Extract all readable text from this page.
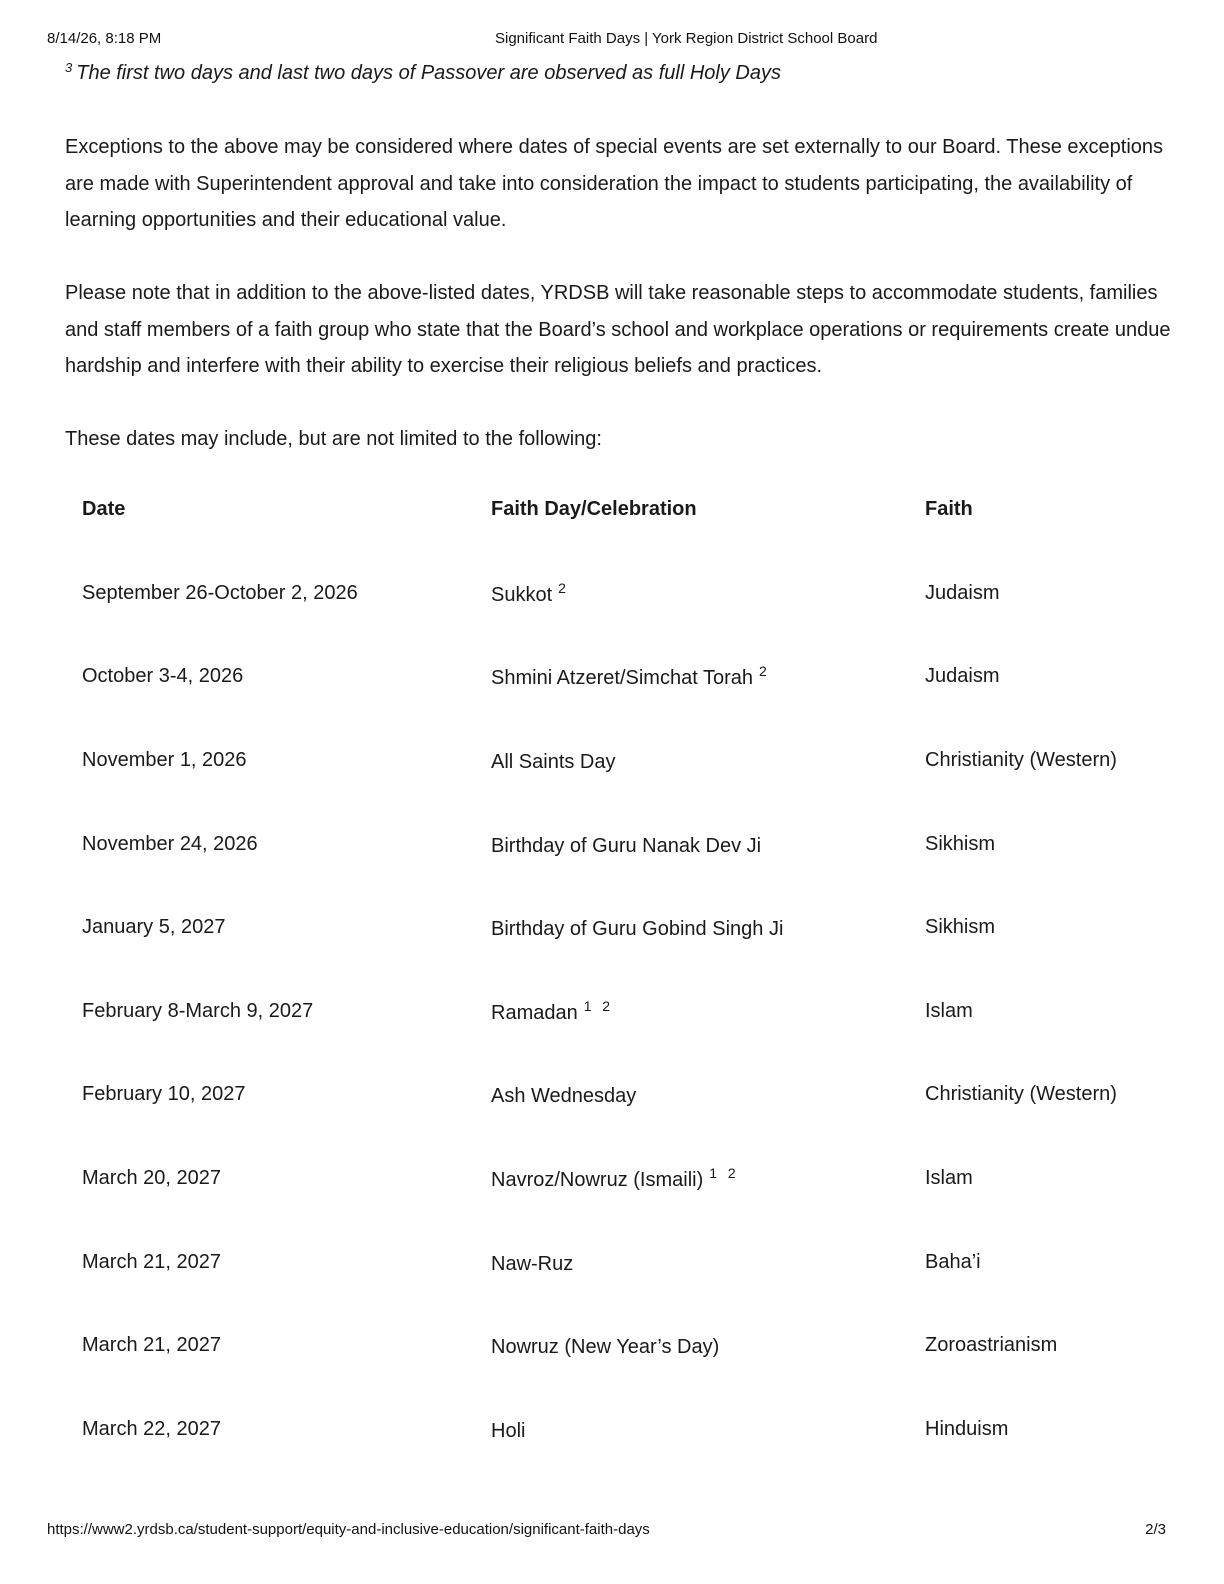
8/14/26, 8:18 PM	Significant Faith Days | York Region District School Board
$^3$ The first two days and last two days of Passover are observed as full Holy Days

Exceptions to the above may be considered where dates of special events are set externally to our Board. These exceptions are made with Superintendent approval and take into consideration the impact to students participating, the availability of learning opportunities and their educational value.

Please note that in addition to the above-listed dates, YRDSB will take reasonable steps to accommodate students, families and staff members of a faith group who state that the Board’s school and workplace operations or requirements create undue hardship and interfere with their ability to exercise their religious beliefs and practices.

These dates may include, but are not limited to the following:

Date	Faith Day/Celebration	Faith
September 26-October 2, 2026	Sukkot $^2$	Judaism
October 3-4, 2026	Shmini Atzeret/Simchat Torah $^2$	Judaism
November 1, 2026	All Saints Day	Christianity (Western)
November 24, 2026	Birthday of Guru Nanak Dev Ji	Sikhism
January 5, 2027	Birthday of Guru Gobind Singh Ji	Sikhism
February 8-March 9, 2027	Ramadan $^{1 2}$	Islam
February 10, 2027	Ash Wednesday	Christianity (Western)
March 20, 2027	Navroz/Nowruz (Ismaili) $^{1 2}$	Islam
March 21, 2027	Naw-Ruz	Baha’i
March 21, 2027	Nowruz (New Year’s Day)	Zoroastrianism
March 22, 2027	Holi	Hinduism
https://www2.yrdsb.ca/student-support/equity-and-inclusive-education/significant-faith-days	2/3
